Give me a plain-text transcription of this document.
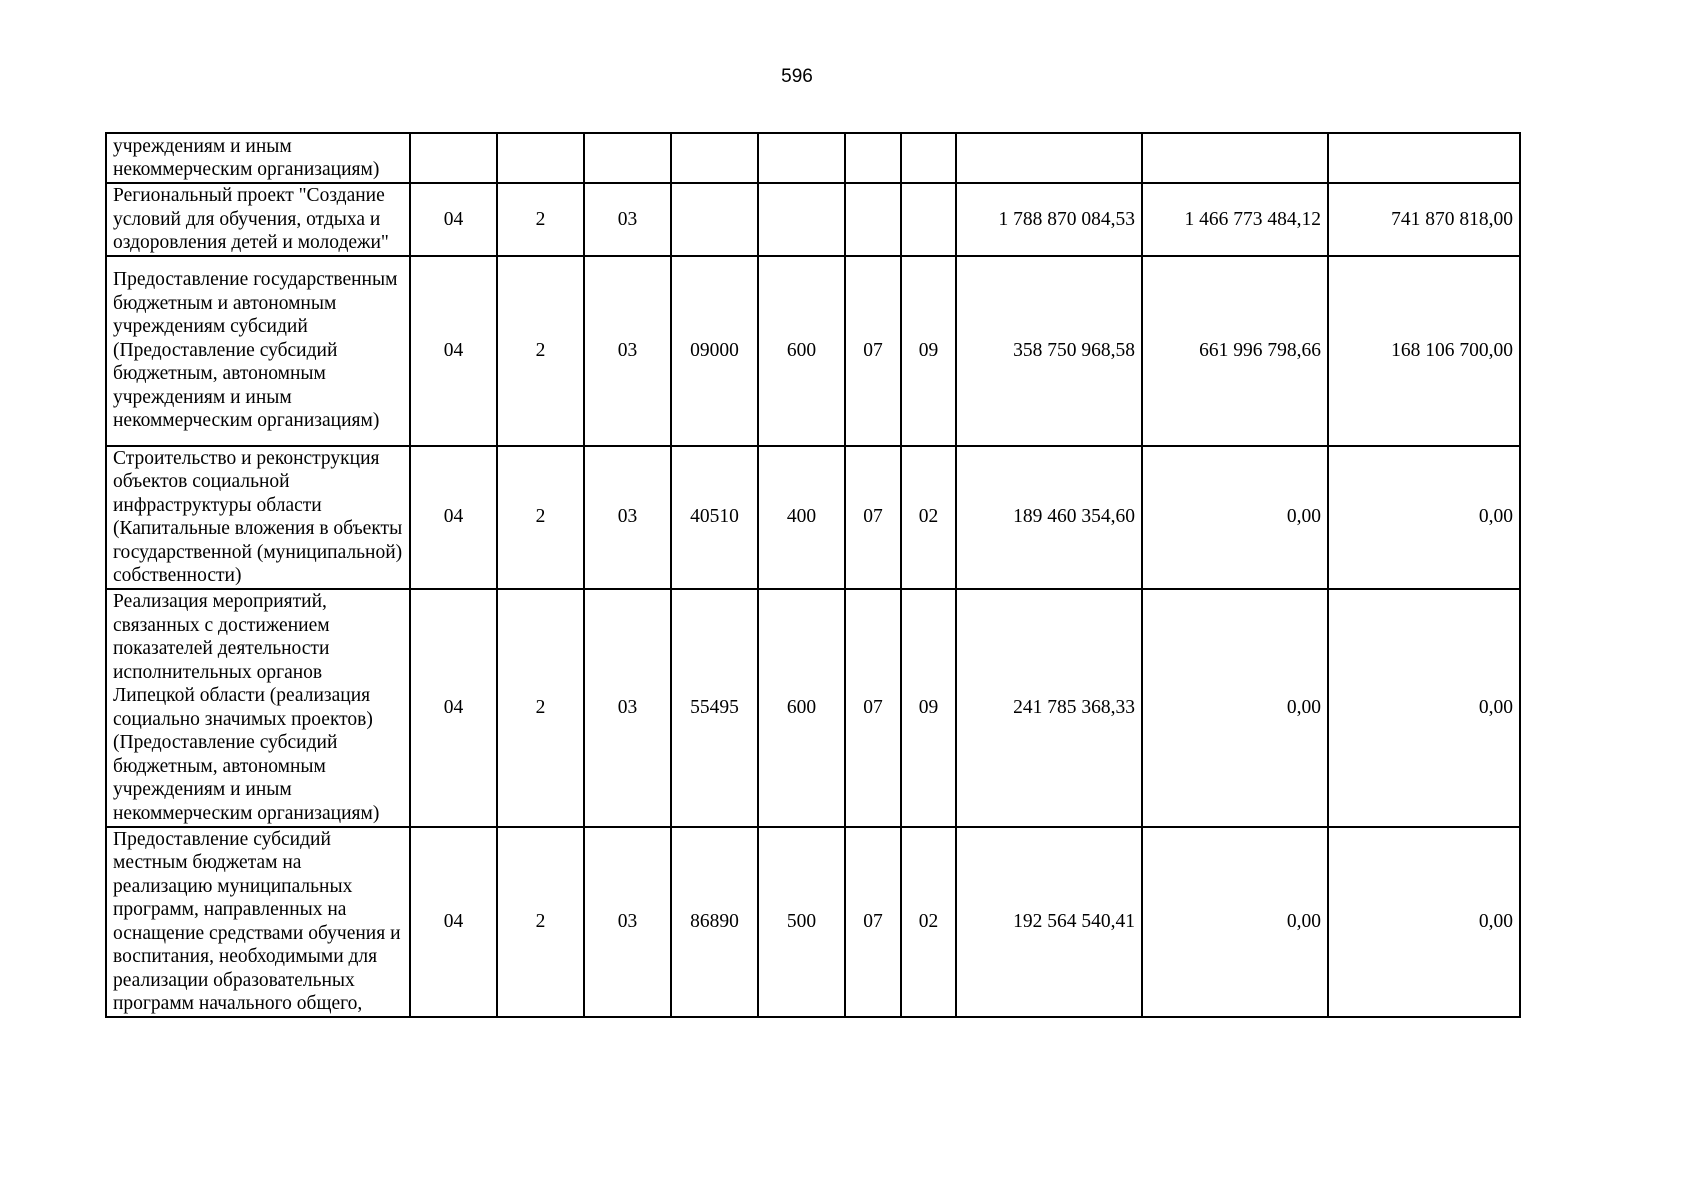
596
учреждениям и иным некоммерческим организациям)										
Региональный проект "Создание условий для обучения, отдыха и оздоровления детей и молодежи"	04	2	03					1 788 870 084,53	1 466 773 484,12	741 870 818,00
Предоставление государственным бюджетным и автономным учреждениям субсидий (Предоставление субсидий бюджетным, автономным учреждениям и иным некоммерческим организациям)	04	2	03	09000	600	07	09	358 750 968,58	661 996 798,66	168 106 700,00
Строительство и реконструкция объектов социальной инфраструктуры области (Капитальные вложения в объекты государственной (муниципальной) собственности)	04	2	03	40510	400	07	02	189 460 354,60	0,00	0,00
Реализация мероприятий, связанных с достижением показателей деятельности исполнительных органов Липецкой области (реализация социально значимых проектов) (Предоставление субсидий бюджетным, автономным учреждениям и иным некоммерческим организациям)	04	2	03	55495	600	07	09	241 785 368,33	0,00	0,00
Предоставление субсидий местным бюджетам на реализацию муниципальных программ, направленных на оснащение средствами обучения и воспитания, необходимыми для реализации образовательных программ начального общего,	04	2	03	86890	500	07	02	192 564 540,41	0,00	0,00
